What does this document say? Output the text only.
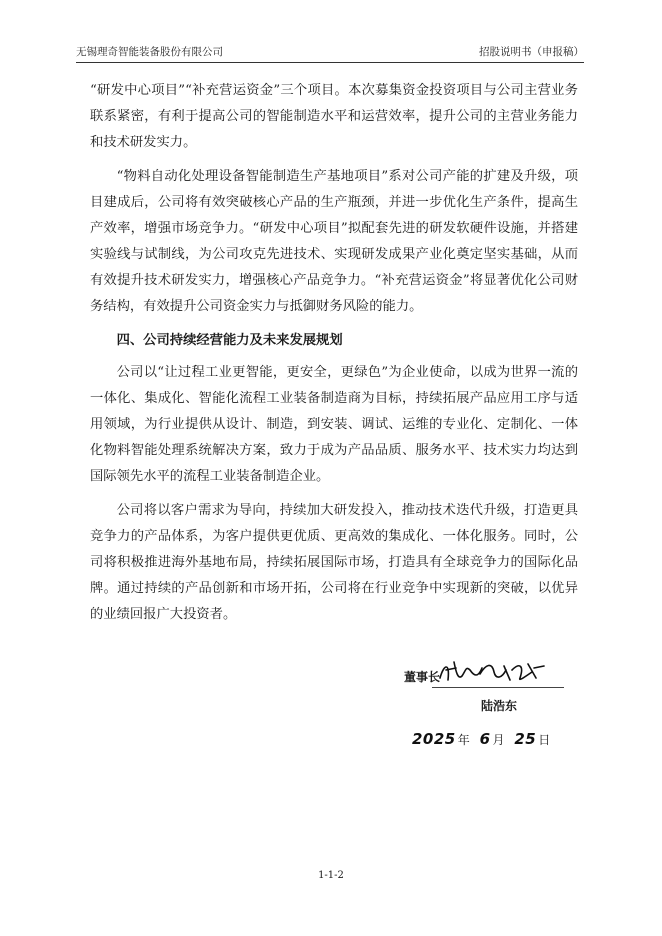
无锡理奇智能装备股份有限公司	招股说明书（申报稿）

“研发中心项目”“补充营运资金”三个项目。本次募集资金投资项目与公司主营业务联系紧密，有利于提高公司的智能制造水平和运营效率，提升公司的主营业务能力和技术研发实力。

“物料自动化处理设备智能制造生产基地项目”系对公司产能的扩建及升级，项目建成后，公司将有效突破核心产品的生产瓶颈，并进一步优化生产条件，提高生产效率，增强市场竞争力。“研发中心项目”拟配套先进的研发软硬件设施，并搭建实验线与试制线，为公司攻克先进技术、实现研发成果产业化奠定坚实基础，从而有效提升技术研发实力，增强核心产品竞争力。“补充营运资金”将显著优化公司财务结构，有效提升公司资金实力与抵御财务风险的能力。

四、公司持续经营能力及未来发展规划

公司以“让过程工业更智能，更安全，更绿色”为企业使命，以成为世界一流的一体化、集成化、智能化流程工业装备制造商为目标，持续拓展产品应用工序与适用领域，为行业提供从设计、制造，到安装、调试、运维的专业化、定制化、一体化物料智能处理系统解决方案，致力于成为产品品质、服务水平、技术实力均达到国际领先水平的流程工业装备制造企业。

公司将以客户需求为导向，持续加大研发投入，推动技术迭代升级，打造更具竞争力的产品体系，为客户提供更优质、更高效的集成化、一体化服务。同时，公司将积极推进海外基地布局，持续拓展国际市场，打造具有全球竞争力的国际化品牌。通过持续的产品创新和市场开拓，公司将在行业竞争中实现新的突破，以优异的业绩回报广大投资者。

董事长
陆浩东
2025 年 6 月 25 日
1-1-2
